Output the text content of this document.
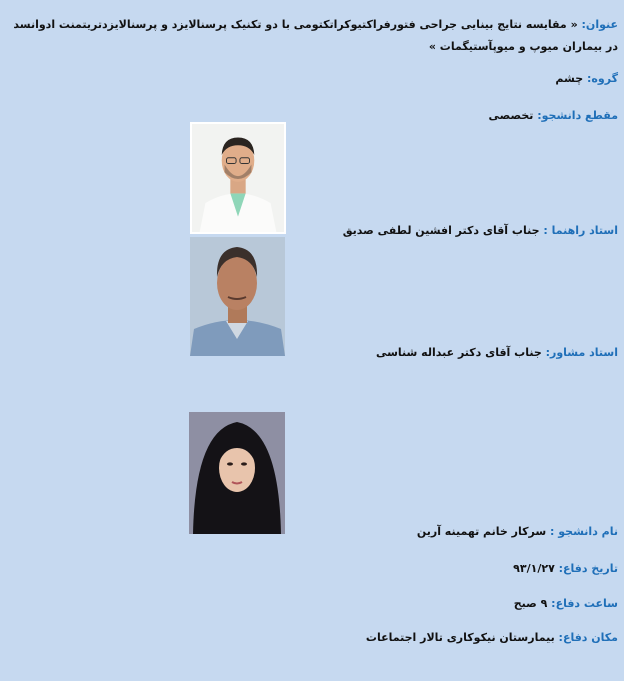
عنوان: « مقایسه نتایج بینایی جراحی فتورفراکتیوکراتکتومی با دو تکنیک پرسنالایزد و پرسنالایزدتریتمنت ادوانسد در بیماران میوپ و میوپآستیگمات »
گروه: چشم
مقطع دانشجو: تخصصی
استاد راهنما : جناب آقای دکتر افشین لطفی صدیق
استاد مشاور: جناب آقای دکتر عبداله شناسی
نام دانشجو : سرکار خانم تهمینه آرین
تاریخ دفاع: ۹۳/۱/۲۷
ساعت دفاع: ۹ صبح
مکان دفاع: بیمارستان نیکوکاری تالار اجتماعات
